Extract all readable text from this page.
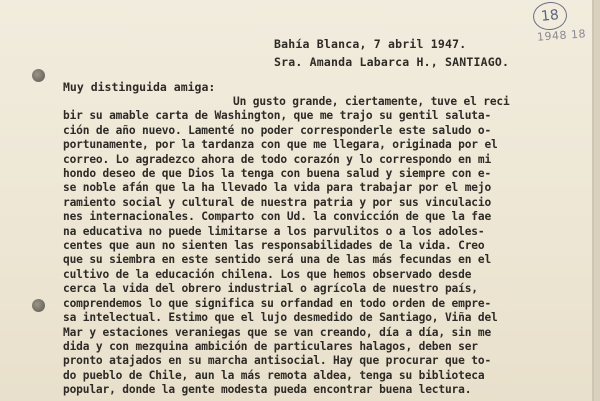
18
1948 18
Bahía Blanca, 7 abril 1947.
Sra. Amanda Labarca H., SANTIAGO.
Muy distinguida amiga:
Un gusto grande, ciertamente, tuve el reci
bir su amable carta de Washington, que me trajo su gentil saluta-
ción de año nuevo. Lamenté no poder corresponderle este saludo o-
portunamente, por la tardanza con que me llegara, originada por el
correo. Lo agradezco ahora de todo corazón y lo correspondo en mi
hondo deseo de que Dios la tenga con buena salud y siempre con e-
se noble afán que la ha llevado la vida para trabajar por el mejo
ramiento social y cultural de nuestra patria y por sus vinculacio
nes internacionales. Comparto con Ud. la convicción de que la fae
na educativa no puede limitarse a los parvulitos o a los adoles-
centes que aun no sienten las responsabilidades de la vida. Creo
que su siembra en este sentido será una de las más fecundas en el
cultivo de la educación chilena. Los que hemos observado desde
cerca la vida del obrero industrial o agrícola de nuestro país,
comprendemos lo que significa su orfandad en todo orden de empre-
sa intelectual. Estimo que el lujo desmedido de Santiago, Viña del
Mar y estaciones veraniegas que se van creando, día a día, sin me
dida y con mezquina ambición de particulares halagos, deben ser
pronto atajados en su marcha antisocial. Hay que procurar que to-
do pueblo de Chile, aun la más remota aldea, tenga su biblioteca
popular, donde la gente modesta pueda encontrar buena lectura.
